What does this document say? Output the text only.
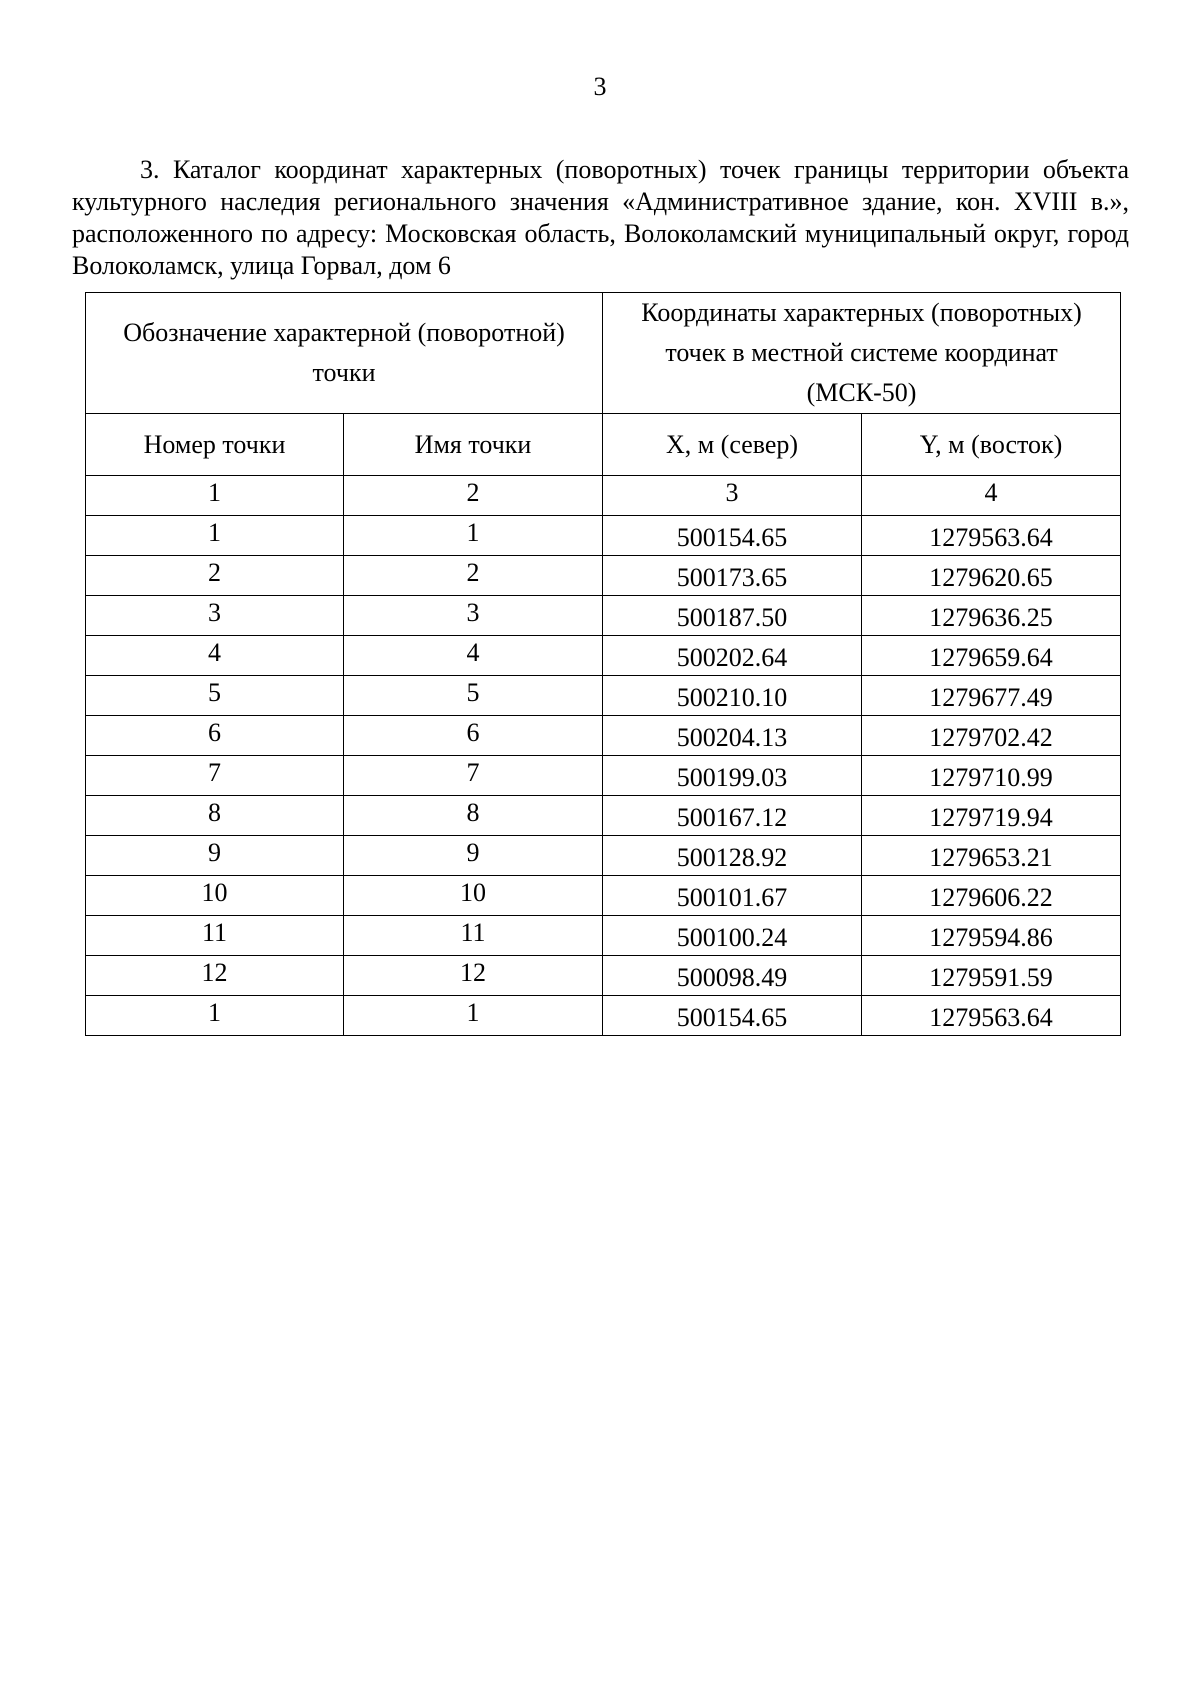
3

3. Каталог координат характерных (поворотных) точек границы территории объекта культурного наследия регионального значения «Административное здание, кон. XVIII в.», расположенного по адресу: Московская область, Волоколамский муниципальный округ, город Волоколамск, улица Горвал, дом 6

Обозначение характерной (поворотной) точки		Координаты характерных (поворотных) точек в местной системе координат (МСК-50)	
Номер точки	Имя точки	X, м (север)	Y, м (восток)
1	2	3	4
1	1	500154.65	1279563.64
2	2	500173.65	1279620.65
3	3	500187.50	1279636.25
4	4	500202.64	1279659.64
5	5	500210.10	1279677.49
6	6	500204.13	1279702.42
7	7	500199.03	1279710.99
8	8	500167.12	1279719.94
9	9	500128.92	1279653.21
10	10	500101.67	1279606.22
11	11	500100.24	1279594.86
12	12	500098.49	1279591.59
1	1	500154.65	1279563.64
